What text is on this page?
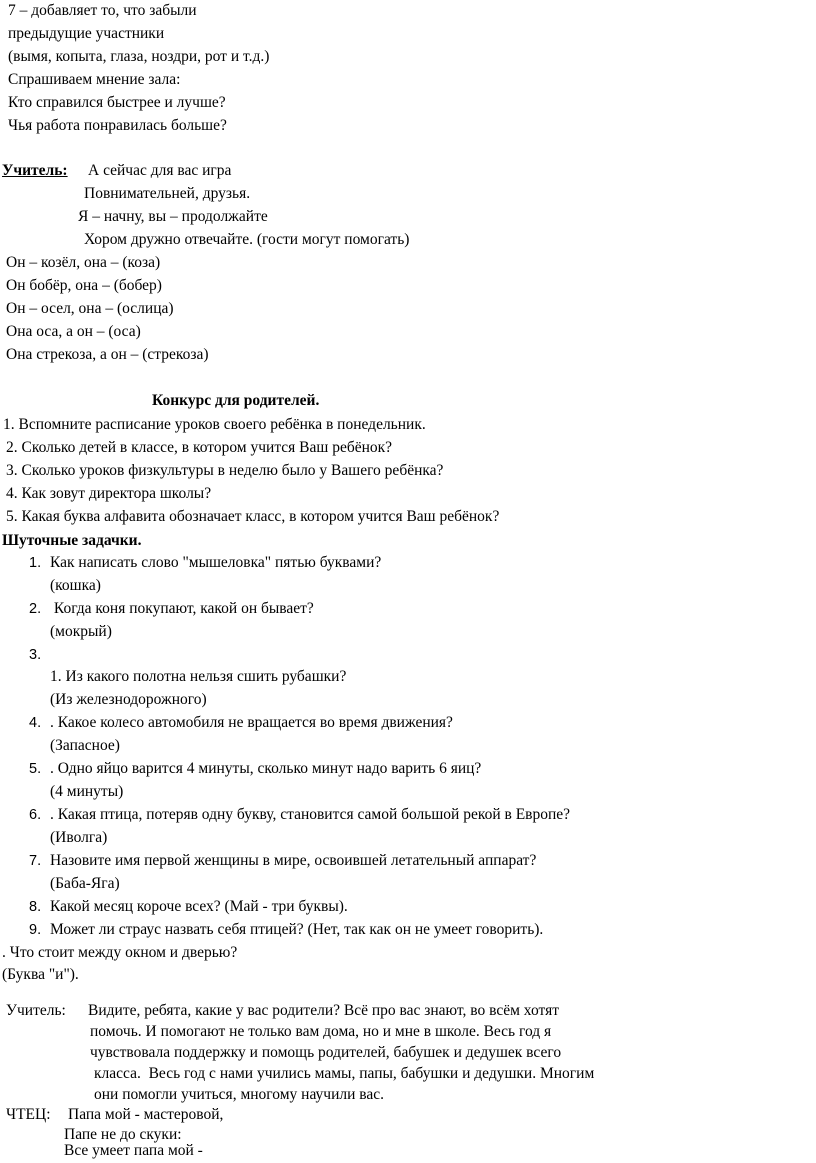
7 – добавляет то, что забыли
предыдущие участники
(вымя, копыта, глаза, ноздри, рот и т.д.)
Спрашиваем мнение зала:
Кто справился быстрее и лучше?
Чья работа понравилась больше?
Учитель: А сейчас для вас игра
Повнимательней, друзья.
Я – начну, вы – продолжайте
Хором дружно отвечайте. (гости могут помогать)
Он – козёл, она – (коза)
Он бобёр, она – (бобер)
Он – осел, она – (ослица)
Она оса, а он – (оса)
Она стрекоза, а он – (стрекоза)
Конкурс для родителей.
1. Вспомните расписание уроков своего ребёнка в понедельник.
2. Сколько детей в классе, в котором учится Ваш ребёнок?
3. Сколько уроков физкультуры в неделю было у Вашего ребёнка?
4. Как зовут директора школы?
5. Какая буква алфавита обозначает класс, в котором учится Ваш ребёнок?
Шуточные задачки.
1. Как написать слово "мышеловка" пятью буквами?
(кошка)
2. Когда коня покупают, какой он бывает?
(мокрый)
3.
1. Из какого полотна нельзя сшить рубашки?
(Из железнодорожного)
4. . Какое колесо автомобиля не вращается во время движения?
(Запасное)
5. . Одно яйцо варится 4 минуты, сколько минут надо варить 6 яиц?
(4 минуты)
6. . Какая птица, потеряв одну букву, становится самой большой рекой в Европе?
(Иволга)
7. Назовите имя первой женщины в мире, освоившей летательный аппарат?
(Баба-Яга)
8. Какой месяц короче всех? (Май - три буквы).
9. Может ли страус назвать себя птицей? (Нет, так как он не умеет говорить).
. Что стоит между окном и дверью?
(Буква "и").
Учитель: Видите, ребята, какие у вас родители? Всё про вас знают, во всём хотят
помочь. И помогают не только вам дома, но и мне в школе. Весь год я
чувствовала поддержку и помощь родителей, бабушек и дедушек всего
класса.  Весь год с нами учились мамы, папы, бабушки и дедушки. Многим
они помогли учиться, многому научили вас.
ЧТЕЦ: Папа мой - мастеровой,
Папе не до скуки:
Все умеет папа мой -
